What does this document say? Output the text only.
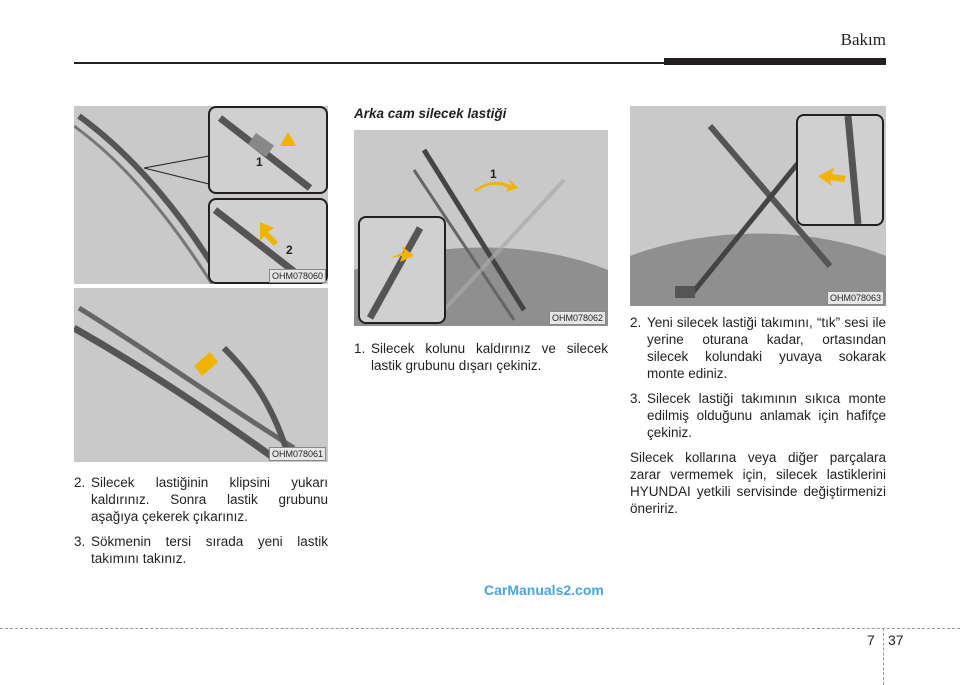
Bakım
1
2
OHM078060
OHM078061
2. Silecek lastiğinin klipsini yukarı kaldırınız. Sonra lastik grubunu aşağıya çekerek çıkarınız.
3. Sökmenin tersi sırada yeni lastik takımını takınız.
Arka cam silecek lastiği
1
OHM078062
1. Silecek kolunu kaldırınız ve silecek lastik grubunu dışarı çekiniz.
OHM078063
2. Yeni silecek lastiği takımını, “tık” sesi ile yerine oturana kadar, ortasından silecek kolundaki yuvaya sokarak monte ediniz.
3. Silecek lastiği takımının sıkıca monte edilmiş olduğunu anlamak için hafifçe çekiniz.
Silecek kollarına veya diğer parçalara zarar vermemek için, silecek lastiklerini HYUNDAI yetkili servisinde değiştirmenizi öneririz.
CarManuals2.com
7 37
